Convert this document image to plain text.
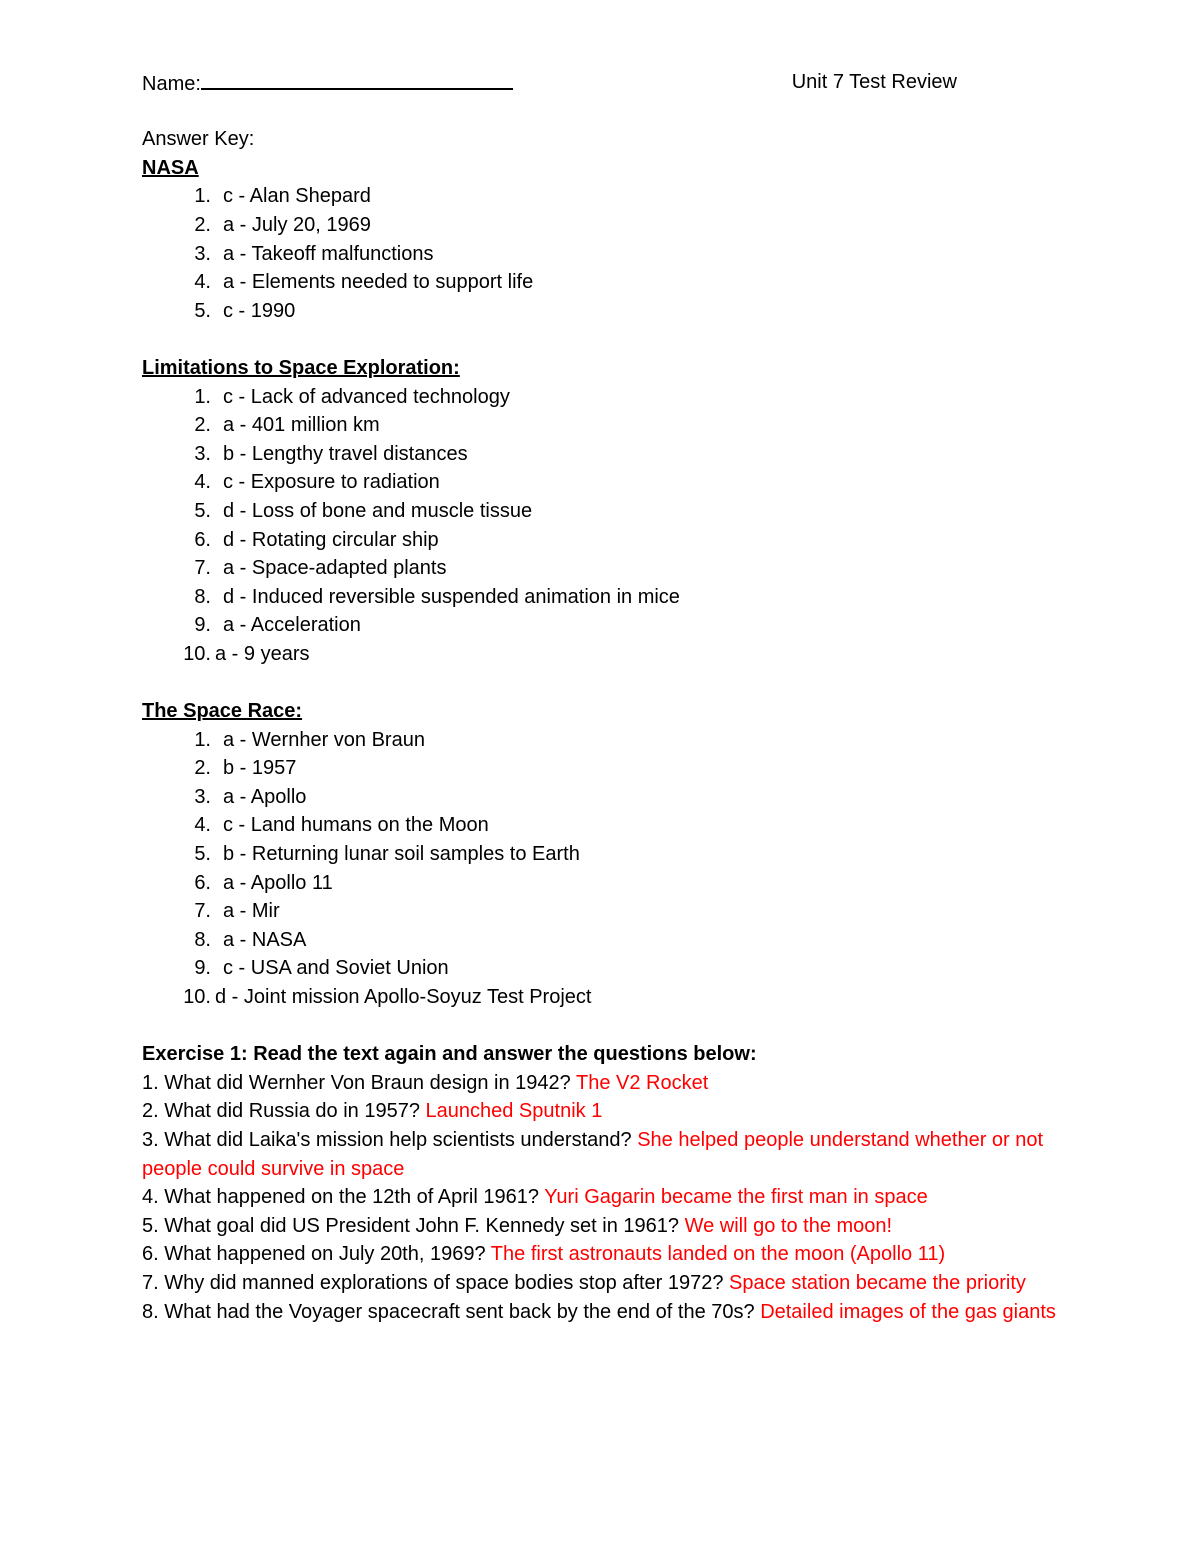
Name:	Unit 7 Test Review
Answer Key:
NASA
1. c - Alan Shepard
2. a - July 20, 1969
3. a - Takeoff malfunctions
4. a - Elements needed to support life
5. c - 1990
Limitations to Space Exploration:
1. c - Lack of advanced technology
2. a - 401 million km
3. b - Lengthy travel distances
4. c - Exposure to radiation
5. d - Loss of bone and muscle tissue
6. d - Rotating circular ship
7. a - Space-adapted plants
8. d - Induced reversible suspended animation in mice
9. a - Acceleration
10. a - 9 years
The Space Race:
1. a - Wernher von Braun
2. b - 1957
3. a - Apollo
4. c - Land humans on the Moon
5. b - Returning lunar soil samples to Earth
6. a - Apollo 11
7. a - Mir
8. a - NASA
9. c - USA and Soviet Union
10. d - Joint mission Apollo-Soyuz Test Project
Exercise 1: Read the text again and answer the questions below:
1. What did Wernher Von Braun design in 1942? The V2 Rocket
2. What did Russia do in 1957? Launched Sputnik 1
3. What did Laika's mission help scientists understand? She helped people understand whether or not people could survive in space
4. What happened on the 12th of April 1961? Yuri Gagarin became the first man in space
5. What goal did US President John F. Kennedy set in 1961? We will go to the moon!
6. What happened on July 20th, 1969? The first astronauts landed on the moon (Apollo 11)
7. Why did manned explorations of space bodies stop after 1972? Space station became the priority
8. What had the Voyager spacecraft sent back by the end of the 70s? Detailed images of the gas giants
